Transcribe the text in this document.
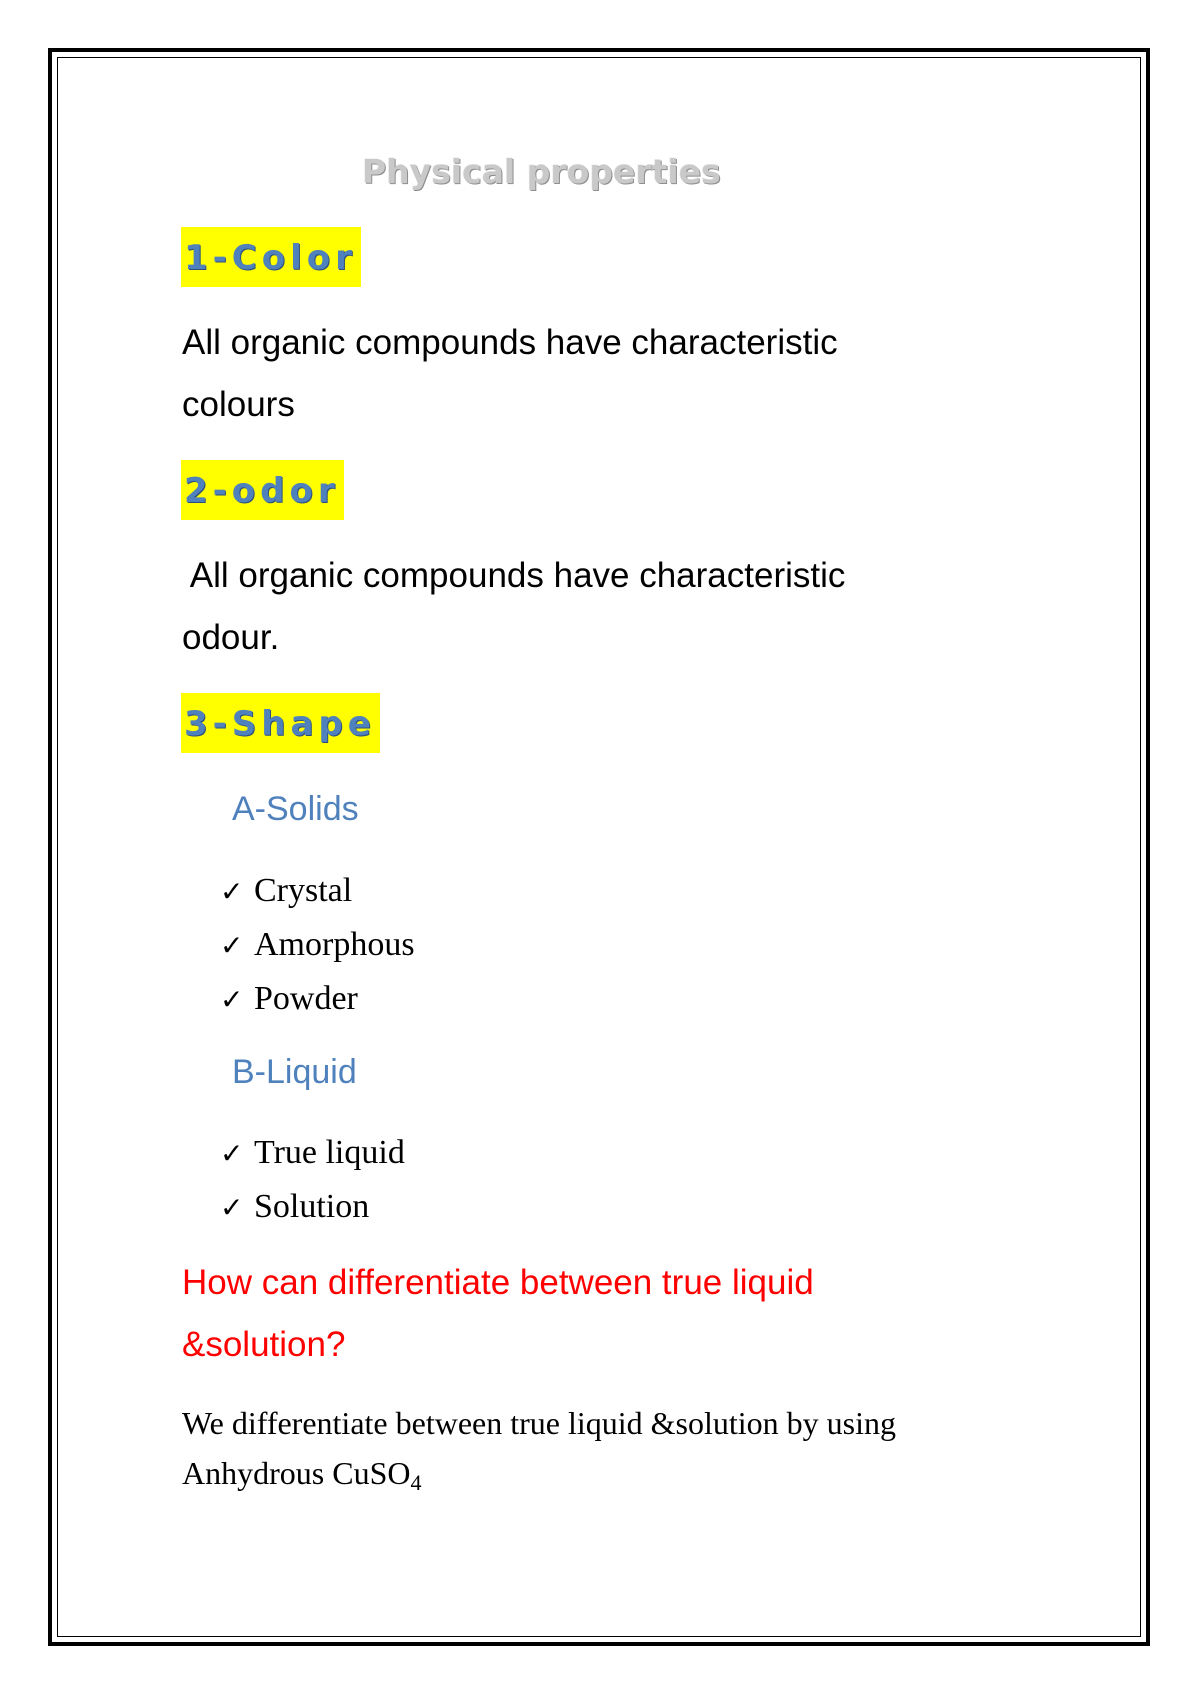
Physical properties
1-Color
All organic compounds have characteristic
colours
2-odor
All organic compounds have characteristic
odour.
3-Shape
A-Solids
✓ Crystal
✓ Amorphous
✓ Powder
B-Liquid
✓ True liquid
✓ Solution
How can differentiate between true liquid
&solution?
We differentiate between true liquid &solution by using
Anhydrous CuSO$_4$
